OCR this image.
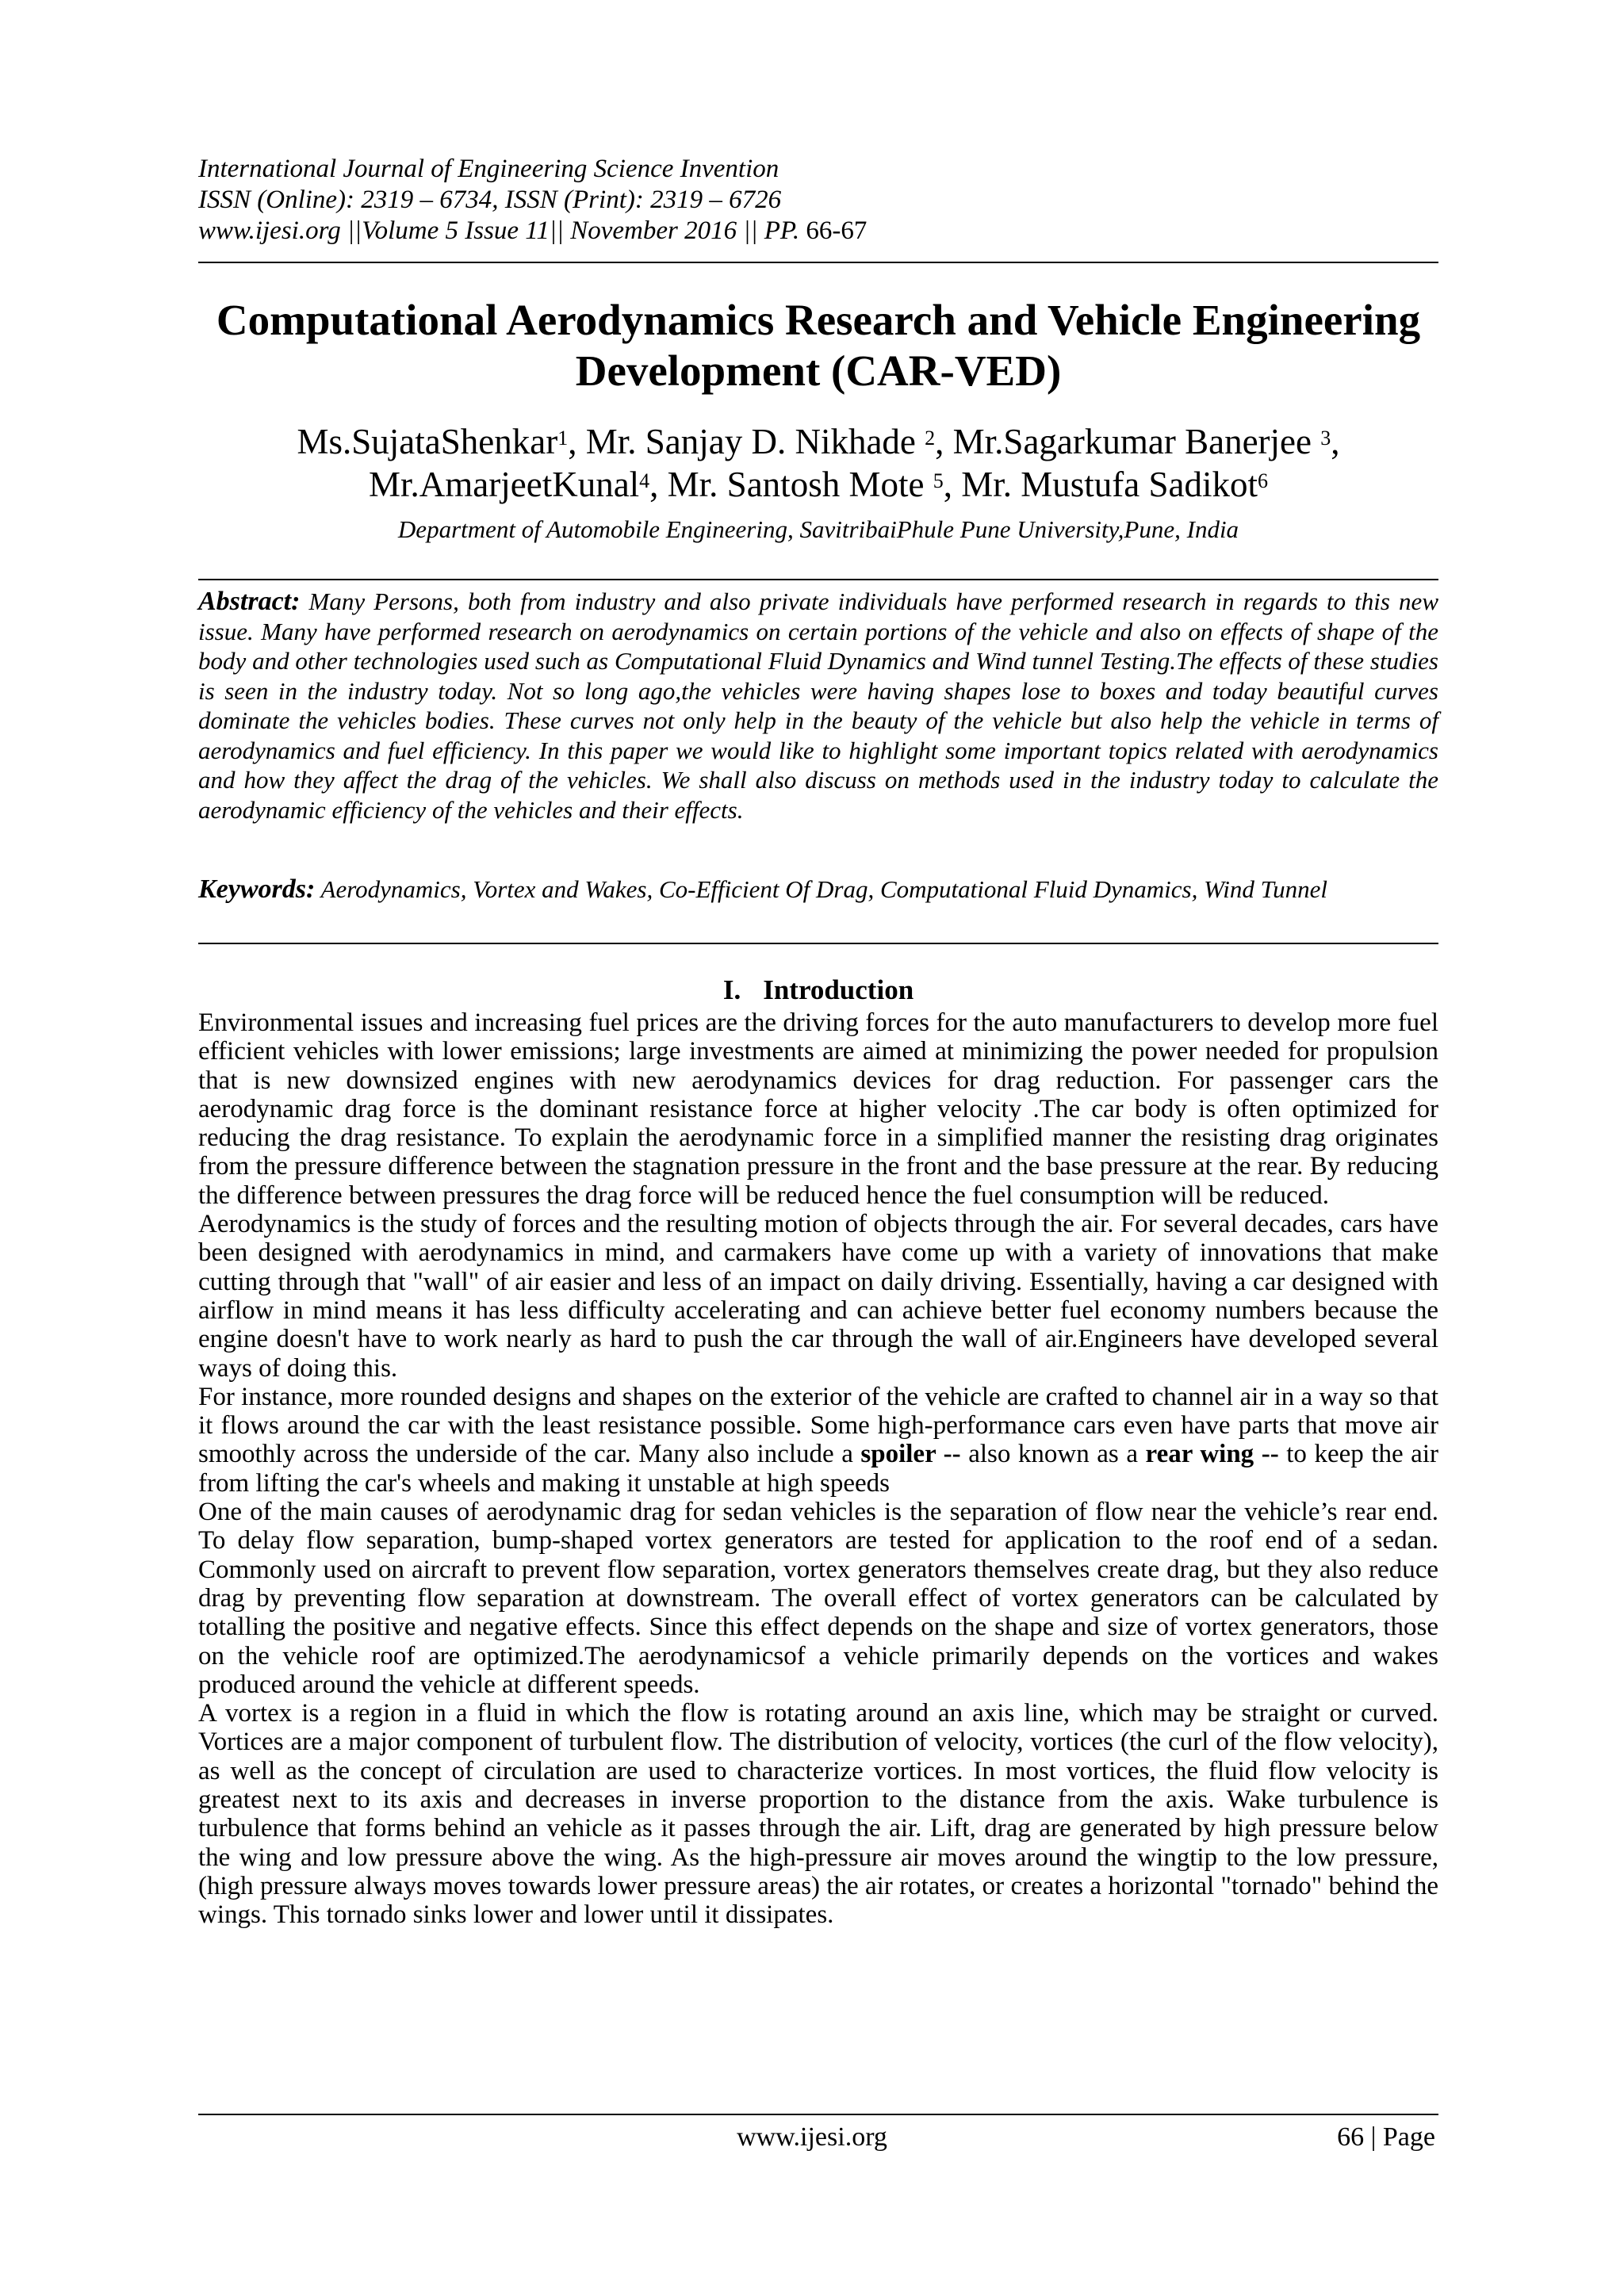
International Journal of Engineering Science Invention
ISSN (Online): 2319 – 6734, ISSN (Print): 2319 – 6726
www.ijesi.org ||Volume 5 Issue 11|| November 2016 || PP. 66-67
Computational Aerodynamics Research and Vehicle Engineering
Development (CAR-VED)
Ms.SujataShenkar$^1$, Mr. Sanjay D. Nikhade $^2$, Mr.Sagarkumar Banerjee $^3$,
Mr.AmarjeetKunal$^4$, Mr. Santosh Mote $^5$, Mr. Mustufa Sadikot$^6$
Department of Automobile Engineering, SavitribaiPhule Pune University,Pune, India

Abstract: Many Persons, both from industry and also private individuals have performed research in regards to this new issue. Many have performed research on aerodynamics on certain portions of the vehicle and also on effects of shape of the body and other technologies used such as Computational Fluid Dynamics and Wind tunnel Testing.The effects of these studies is seen in the industry today. Not so long ago,the vehicles were having shapes lose to boxes and today beautiful curves dominate the vehicles bodies. These curves not only help in the beauty of the vehicle but also help the vehicle in terms of aerodynamics and fuel efficiency. In this paper we would like to highlight some important topics related with aerodynamics and how they affect the drag of the vehicles. We shall also discuss on methods used in the industry today to calculate the aerodynamic efficiency of the vehicles and their effects.

Keywords: Aerodynamics, Vortex and Wakes, Co-Efficient Of Drag, Computational Fluid Dynamics, Wind Tunnel

I. Introduction

Environmental issues and increasing fuel prices are the driving forces for the auto manufacturers to develop more fuel efficient vehicles with lower emissions; large investments are aimed at minimizing the power needed for propulsion that is new downsized engines with new aerodynamics devices for drag reduction. For passenger cars the aerodynamic drag force is the dominant resistance force at higher velocity .The car body is often optimized for reducing the drag resistance. To explain the aerodynamic force in a simplified manner the resisting drag originates from the pressure difference between the stagnation pressure in the front and the base pressure at the rear. By reducing the difference between pressures the drag force will be reduced hence the fuel consumption will be reduced.

Aerodynamics is the study of forces and the resulting motion of objects through the air. For several decades, cars have been designed with aerodynamics in mind, and carmakers have come up with a variety of innovations that make cutting through that "wall" of air easier and less of an impact on daily driving. Essentially, having a car designed with airflow in mind means it has less difficulty accelerating and can achieve better fuel economy numbers because the engine doesn't have to work nearly as hard to push the car through the wall of air.Engineers have developed several ways of doing this.

For instance, more rounded designs and shapes on the exterior of the vehicle are crafted to channel air in a way so that it flows around the car with the least resistance possible. Some high-performance cars even have parts that move air smoothly across the underside of the car. Many also include a spoiler -- also known as a rear wing -- to keep the air from lifting the car's wheels and making it unstable at high speeds

One of the main causes of aerodynamic drag for sedan vehicles is the separation of flow near the vehicle’s rear end. To delay flow separation, bump-shaped vortex generators are tested for application to the roof end of a sedan. Commonly used on aircraft to prevent flow separation, vortex generators themselves create drag, but they also reduce drag by preventing flow separation at downstream. The overall effect of vortex generators can be calculated by totalling the positive and negative effects. Since this effect depends on the shape and size of vortex generators, those on the vehicle roof are optimized.The aerodynamicsof a vehicle primarily depends on the vortices and wakes produced around the vehicle at different speeds.

A vortex is a region in a fluid in which the flow is rotating around an axis line, which may be straight or curved. Vortices are a major component of turbulent flow. The distribution of velocity, vortices (the curl of the flow velocity), as well as the concept of circulation are used to characterize vortices. In most vortices, the fluid flow velocity is greatest next to its axis and decreases in inverse proportion to the distance from the axis. Wake turbulence is turbulence that forms behind an vehicle as it passes through the air. Lift, drag are generated by high pressure below the wing and low pressure above the wing. As the high-pressure air moves around the wingtip to the low pressure, (high pressure always moves towards lower pressure areas) the air rotates, or creates a horizontal "tornado" behind the wings. This tornado sinks lower and lower until it dissipates.

www.ijesi.org	66 | Page
